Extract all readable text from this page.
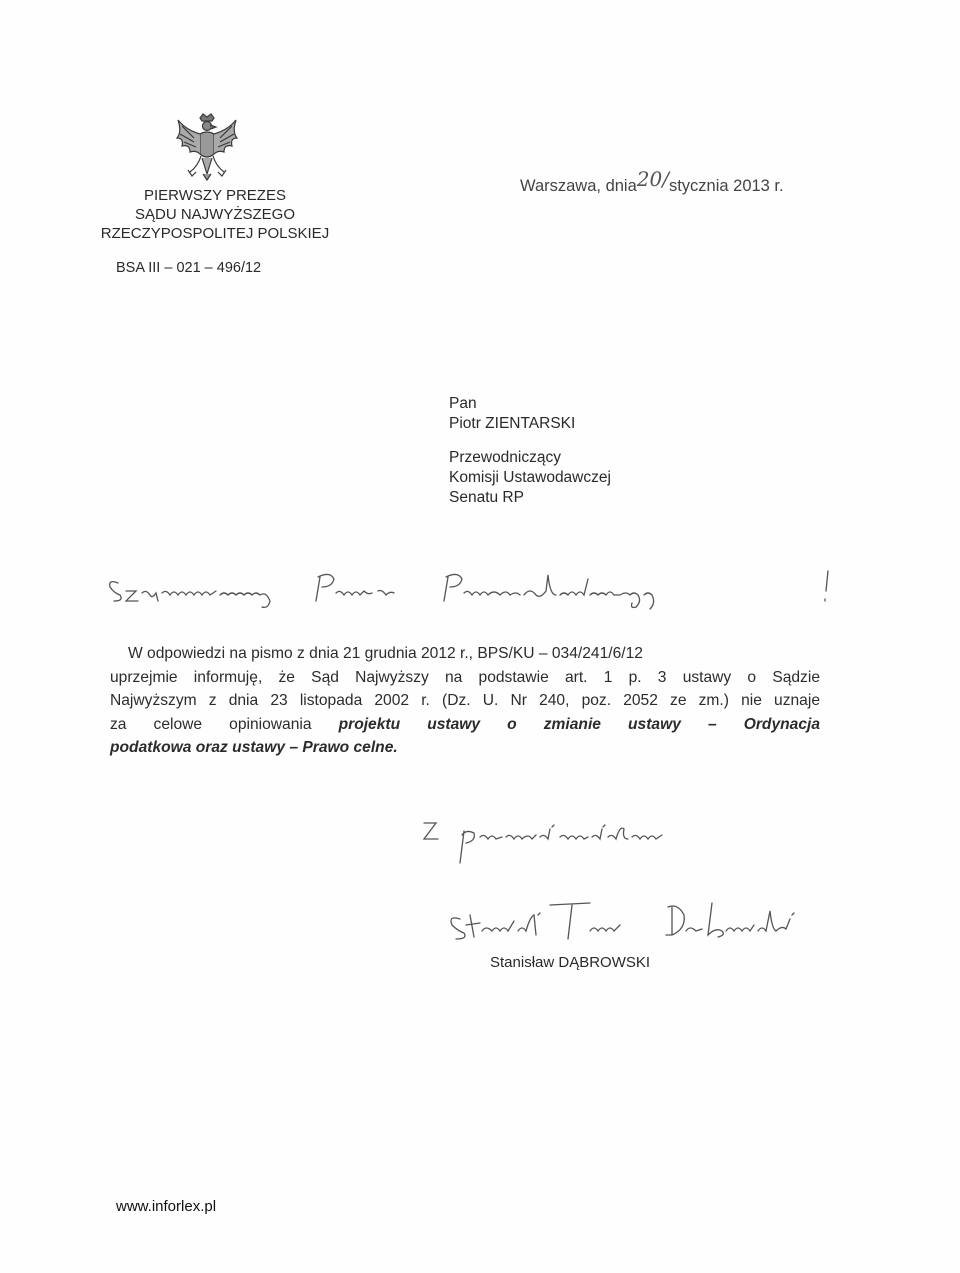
PIERWSZY PREZES
SĄDU NAJWYŻSZEGO
RZECZYPOSPOLITEJ POLSKIEJ
BSA III – 021 – 496/12
Warszawa, dnia20/stycznia 2013 r.
Pan
Piotr ZIENTARSKI
Przewodniczący
Komisji Ustawodawczej
Senatu RP
W odpowiedzi na pismo z dnia 21 grudnia 2012 r., BPS/KU – 034/241/6/12
uprzejmie informuję, że Sąd Najwyższy na podstawie art. 1 p. 3 ustawy o Sądzie
Najwyższym z dnia 23 listopada 2002 r. (Dz. U. Nr 240, poz. 2052 ze zm.) nie uznaje
za celowe opiniowania projektu ustawy o zmianie ustawy – Ordynacja
podatkowa oraz ustawy – Prawo celne.
Stanisław DĄBROWSKI
www.inforlex.pl
